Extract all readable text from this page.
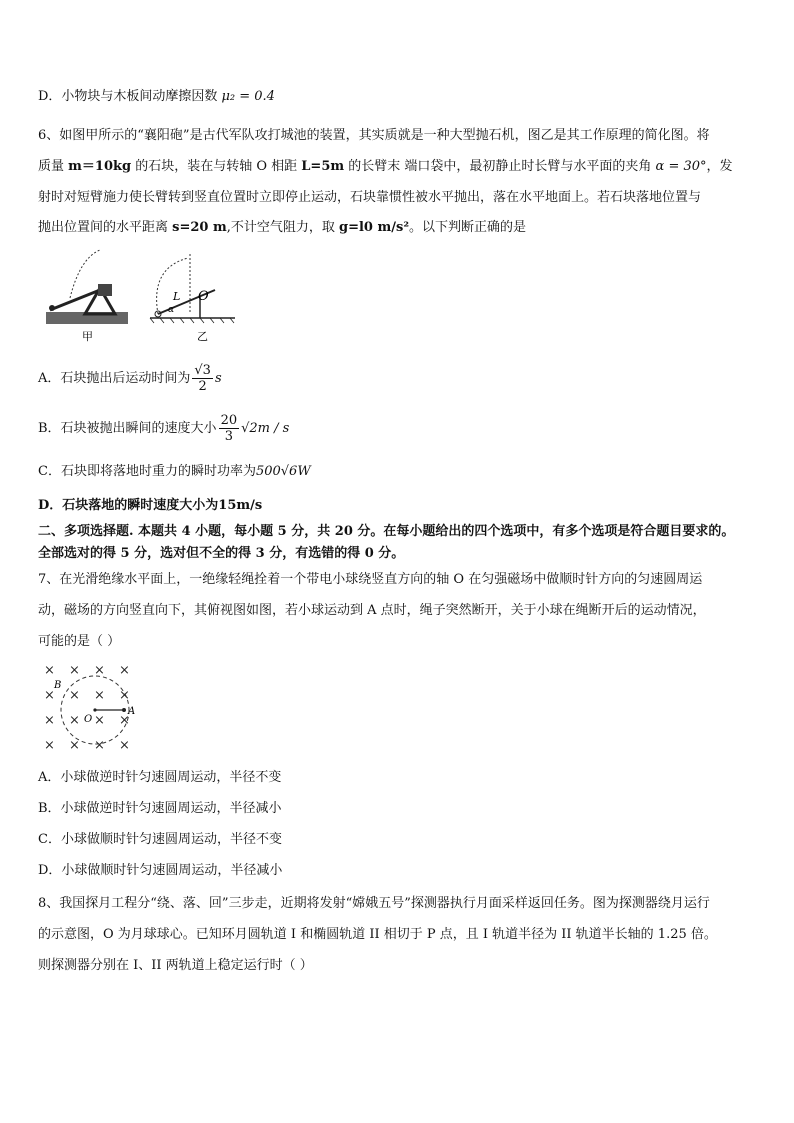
D．小物块与木板间动摩擦因数 μ₂ = 0.4
6、如图甲所示的“襄阳砲”是古代军队攻打城池的装置，其实质就是一种大型抛石机，图乙是其工作原理的简化图。将
质量 m＝10kg 的石块，装在与转轴 O 相距 L=5m 的长臂末 端口袋中，最初静止时长臂与水平面的夹角 α = 30°，发
射时对短臂施力使长臂转到竖直位置时立即停止运动，石块靠惯性被水平抛出，落在水平地面上。若石块落地位置与
抛出位置间的水平距离 s=20 m,不计空气阻力，取 g=l0 m/s²。以下判断正确的是
甲
α
L O
乙
A．石块抛出后运动时间为 $\frac{√3}{2}$ s
B．石块被抛出瞬间的速度大小 $\frac{20}{3} √2m$ / s
C．石块即将落地时重力的瞬时功率为500√6W
D．石块落地的瞬时速度大小为15m/s
二、多项选择题. 本题共 4 小题，每小题 5 分，共 20 分。在每小题给出的四个选项中，有多个选项是符合题目要求的。
全部选对的得 5 分，选对但不全的得 3 分，有选错的得 0 分。
7、在光滑绝缘水平面上，一绝缘轻绳拴着一个带电小球绕竖直方向的轴 O 在匀强磁场中做顺时针方向的匀速圆周运
动，磁场的方向竖直向下，其俯视图如图，若小球运动到 A 点时，绳子突然断开，关于小球在绳断开后的运动情况，
可能的是（ ）
× × × ×
× × × ×
× × × ×
× × × ×
B
O
A
A．小球做逆时针匀速圆周运动，半径不变
B．小球做逆时针匀速圆周运动，半径减小
C．小球做顺时针匀速圆周运动，半径不变
D．小球做顺时针匀速圆周运动，半径减小
8、我国探月工程分“绕、落、回”三步走，近期将发射“嫦娥五号”探测器执行月面采样返回任务。图为探测器绕月运行
的示意图，O 为月球球心。已知环月圆轨道 I 和椭圆轨道 II 相切于 P 点，且 I 轨道半径为 II 轨道半长轴的 1.25 倍。
则探测器分别在 I、II 两轨道上稳定运行时（ ）
